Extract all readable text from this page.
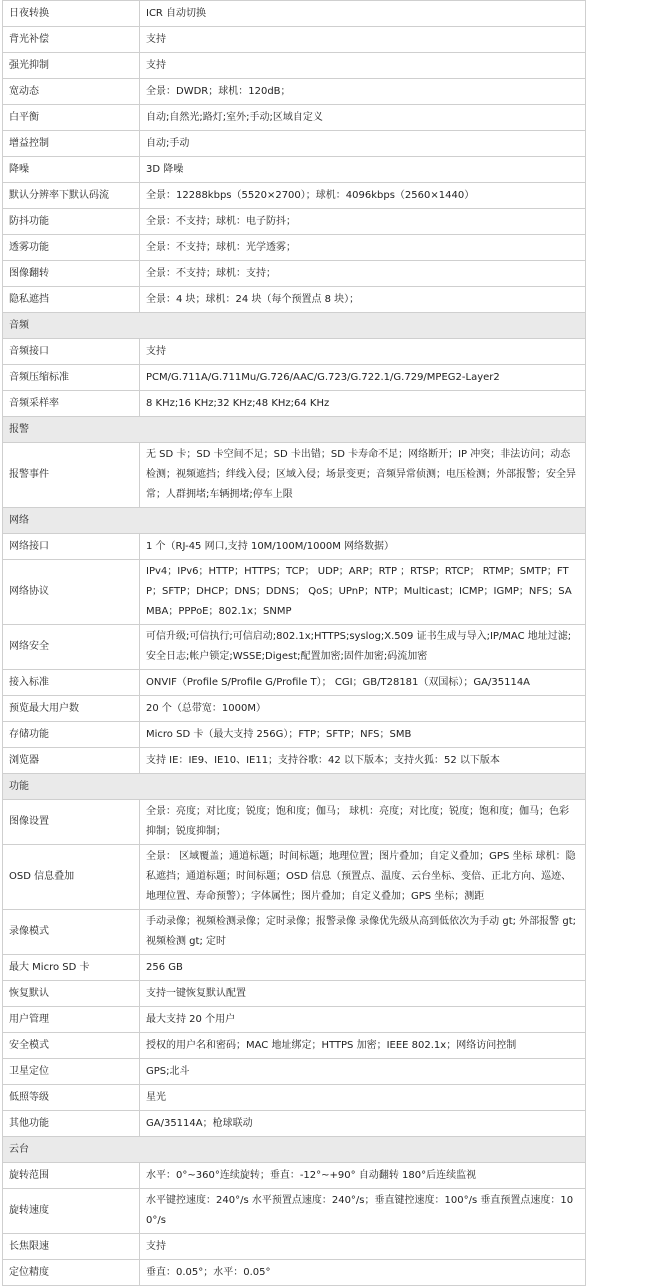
日夜转换	ICR 自动切换
背光补偿	支持
强光抑制	支持
宽动态	全景：DWDR；球机：120dB；
白平衡	自动;自然光;路灯;室外;手动;区域自定义
增益控制	自动;手动
降噪	3D 降噪
默认分辨率下默认码流	全景：12288kbps（5520×2700）；球机：4096kbps（2560×1440）
防抖功能	全景：不支持；球机：电子防抖；
透雾功能	全景：不支持；球机：光学透雾；
图像翻转	全景：不支持；球机：支持；
隐私遮挡	全景：4 块；球机：24 块（每个预置点 8 块）；
音频	
音频接口	支持
音频压缩标准	PCM/G.711A/G.711Mu/G.726/AAC/G.723/G.722.1/G.729/MPEG2-Layer2
音频采样率	8 KHz;16 KHz;32 KHz;48 KHz;64 KHz
报警	
报警事件	无 SD 卡；SD 卡空间不足；SD 卡出错；SD 卡寿命不足；网络断开；IP 冲突；非法访问；动态检测；视频遮挡；绊线入侵；区域入侵；场景变更；音频异常侦测；电压检测；外部报警；安全异常；人群拥堵;车辆拥堵;停车上限
网络	
网络接口	1 个（RJ-45 网口,支持 10M/100M/1000M 网络数据）
网络协议	IPv4；IPv6；HTTP；HTTPS；TCP； UDP；ARP；RTP ；RTSP；RTCP； RTMP；SMTP；FTP；SFTP；DHCP；DNS；DDNS； QoS；UPnP；NTP；Multicast；ICMP；IGMP；NFS；SAMBA；PPPoE；802.1x；SNMP
网络安全	可信升级;可信执行;可信启动;802.1x;HTTPS;syslog;X.509 证书生成与导入;IP/MAC 地址过滤;安全日志;帐户锁定;WSSE;Digest;配置加密;固件加密;码流加密
接入标准	ONVIF（Profile S/Profile G/Profile T）； CGI；GB/T28181（双国标）；GA/35114A
预览最大用户数	20 个（总带宽：1000M）
存储功能	Micro SD 卡（最大支持 256G）；FTP；SFTP；NFS；SMB
浏览器	支持 IE：IE9、IE10、IE11；支持谷歌：42 以下版本；支持火狐：52 以下版本
功能	
图像设置	全景：亮度；对比度；锐度；饱和度；伽马； 球机：亮度；对比度；锐度；饱和度；伽马；色彩抑制；锐度抑制；
OSD 信息叠加	全景： 区域覆盖；通道标题；时间标题；地理位置；图片叠加；自定义叠加；GPS 坐标 球机：隐私遮挡；通道标题；时间标题；OSD 信息（预置点、温度、云台坐标、变倍、正北方向、巡迹、地理位置、寿命预警）；字体属性；图片叠加；自定义叠加；GPS 坐标；测距
录像模式	手动录像；视频检测录像；定时录像；报警录像 录像优先级从高到低依次为手动 gt; 外部报警 gt; 视频检测 gt; 定时
最大 Micro SD 卡	256 GB
恢复默认	支持一键恢复默认配置
用户管理	最大支持 20 个用户
安全模式	授权的用户名和密码；MAC 地址绑定；HTTPS 加密；IEEE 802.1x；网络访问控制
卫星定位	GPS;北斗
低照等级	星光
其他功能	GA/35114A；枪球联动
云台	
旋转范围	水平：0°~360°连续旋转；垂直：-12°~+90° 自动翻转 180°后连续监视
旋转速度	水平键控速度：240°/s 水平预置点速度：240°/s；垂直键控速度：100°/s 垂直预置点速度：100°/s
长焦限速	支持
定位精度	垂直：0.05°；水平：0.05°
